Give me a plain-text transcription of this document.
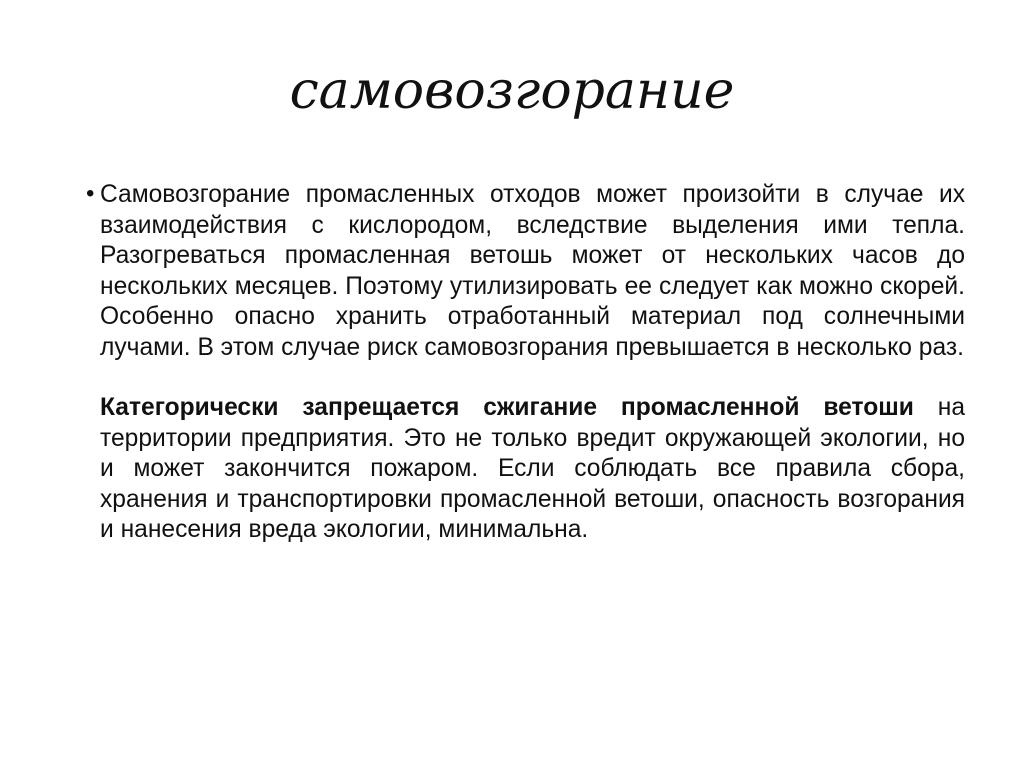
самовозгорание
• Самовозгорание промасленных отходов может произойти в случае их взаимодействия с кислородом, вследствие выделения ими тепла. Разогреваться промасленная ветошь может от нескольких часов до нескольких месяцев. Поэтому утилизировать ее следует как можно скорей. Особенно опасно хранить отработанный материал под солнечными лучами. В этом случае риск самовозгорания превышается в несколько раз.

Категорически запрещается сжигание промасленной ветоши на территории предприятия. Это не только вредит окружающей экологии, но и может закончится пожаром. Если соблюдать все правила сбора, хранения и транспортировки промасленной ветоши, опасность возгорания и нанесения вреда экологии, минимальна.
